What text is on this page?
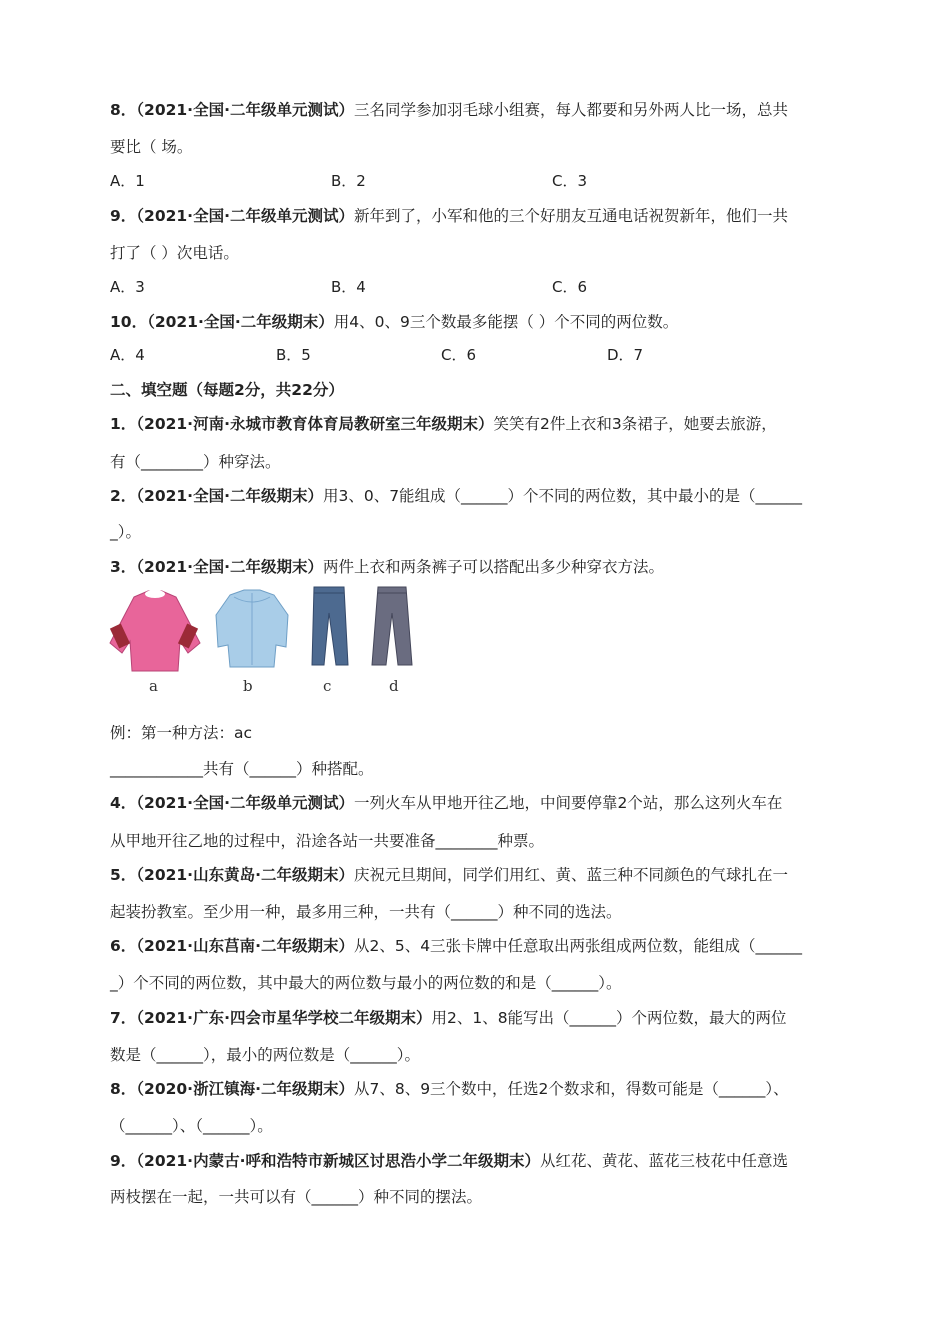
8．（2021·全国·二年级单元测试）三名同学参加羽毛球小组赛，每人都要和另外两人比一场，总共
要比（ 场。
A．1	B．2	C．3
9．（2021·全国·二年级单元测试）新年到了，小军和他的三个好朋友互通电话祝贺新年，他们一共
打了（ ）次电话。
A．3	B．4	C．6
10．（2021·全国·二年级期末）用4、0、9三个数最多能摆（ ）个不同的两位数。
A．4	B．5	C．6	D．7
二、填空题（每题2分，共22分）
1．（2021·河南·永城市教育体育局教研室三年级期末）笑笑有2件上衣和3条裙子，她要去旅游，
有（________）种穿法。
2．（2021·全国·二年级期末）用3、0、7能组成（______）个不同的两位数，其中最小的是（______
_）。
3．（2021·全国·二年级期末）两件上衣和两条裤子可以搭配出多少种穿衣方法。
a	b	c	d
例：第一种方法：ac
____________共有（______）种搭配。
4．（2021·全国·二年级单元测试）一列火车从甲地开往乙地，中间要停靠2个站，那么这列火车在
从甲地开往乙地的过程中，沿途各站一共要准备________种票。
5．（2021·山东黄岛·二年级期末）庆祝元旦期间，同学们用红、黄、蓝三种不同颜色的气球扎在一
起装扮教室。至少用一种，最多用三种，一共有（______）种不同的选法。
6．（2021·山东莒南·二年级期末）从2、5、4三张卡牌中任意取出两张组成两位数，能组成（______
_）个不同的两位数，其中最大的两位数与最小的两位数的和是（______）。
7．（2021·广东·四会市星华学校二年级期末）用2、1、8能写出（______）个两位数，最大的两位
数是（______），最小的两位数是（______）。
8．（2020·浙江镇海·二年级期末）从7、8、9三个数中，任选2个数求和，得数可能是（______）、
（______）、（______）。
9．（2021·内蒙古·呼和浩特市新城区讨思浩小学二年级期末）从红花、黄花、蓝花三枝花中任意选
两枝摆在一起，一共可以有（______）种不同的摆法。
